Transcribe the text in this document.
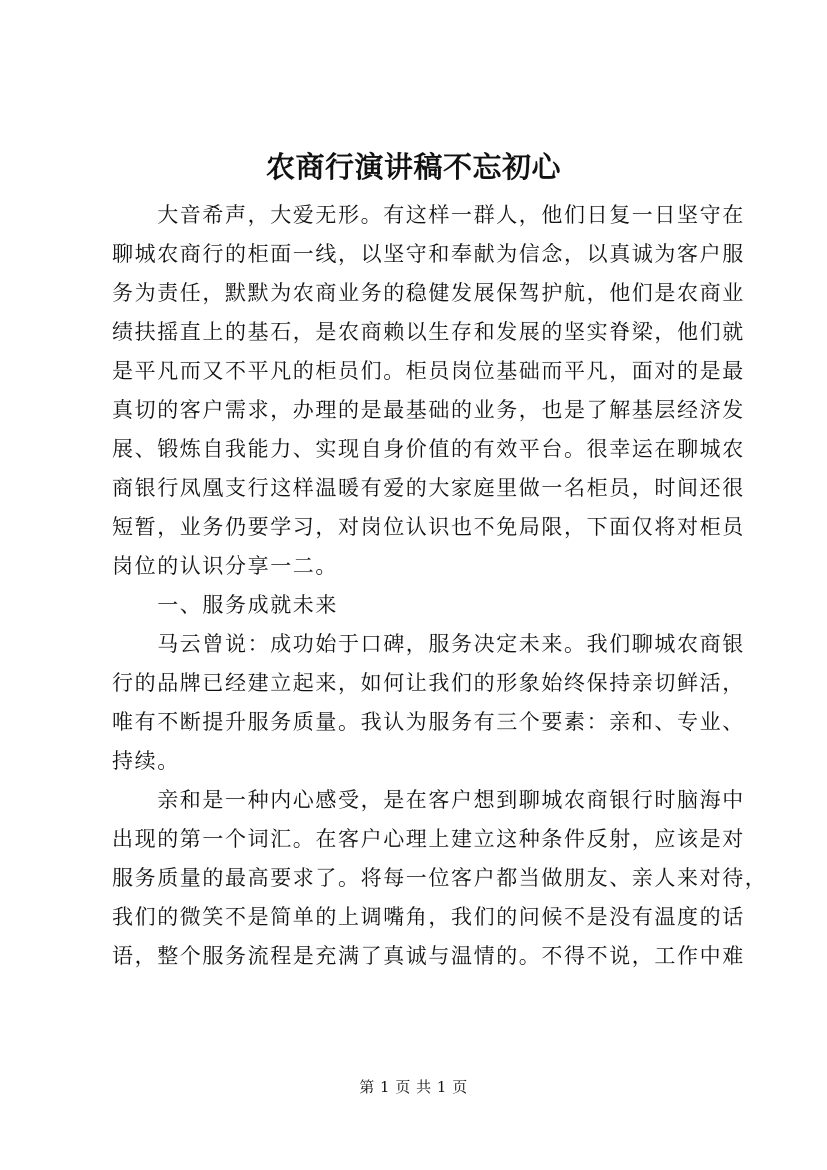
农商行演讲稿不忘初心
　　大音希声，大爱无形。有这样一群人，他们日复一日坚守在
聊城农商行的柜面一线，以坚守和奉献为信念，以真诚为客户服
务为责任，默默为农商业务的稳健发展保驾护航，他们是农商业
绩扶摇直上的基石，是农商赖以生存和发展的坚实脊梁，他们就
是平凡而又不平凡的柜员们。柜员岗位基础而平凡，面对的是最
真切的客户需求，办理的是最基础的业务，也是了解基层经济发
展、锻炼自我能力、实现自身价值的有效平台。很幸运在聊城农
商银行凤凰支行这样温暖有爱的大家庭里做一名柜员，时间还很
短暂，业务仍要学习，对岗位认识也不免局限，下面仅将对柜员
岗位的认识分享一二。
　　一、服务成就未来
　　马云曾说：成功始于口碑，服务决定未来。我们聊城农商银
行的品牌已经建立起来，如何让我们的形象始终保持亲切鲜活，
唯有不断提升服务质量。我认为服务有三个要素：亲和、专业、
持续。
　　亲和是一种内心感受，是在客户想到聊城农商银行时脑海中
出现的第一个词汇。在客户心理上建立这种条件反射，应该是对
服务质量的最高要求了。将每一位客户都当做朋友、亲人来对待，
我们的微笑不是简单的上调嘴角，我们的问候不是没有温度的话
语，整个服务流程是充满了真诚与温情的。不得不说，工作中难
第 1 页 共 1 页
